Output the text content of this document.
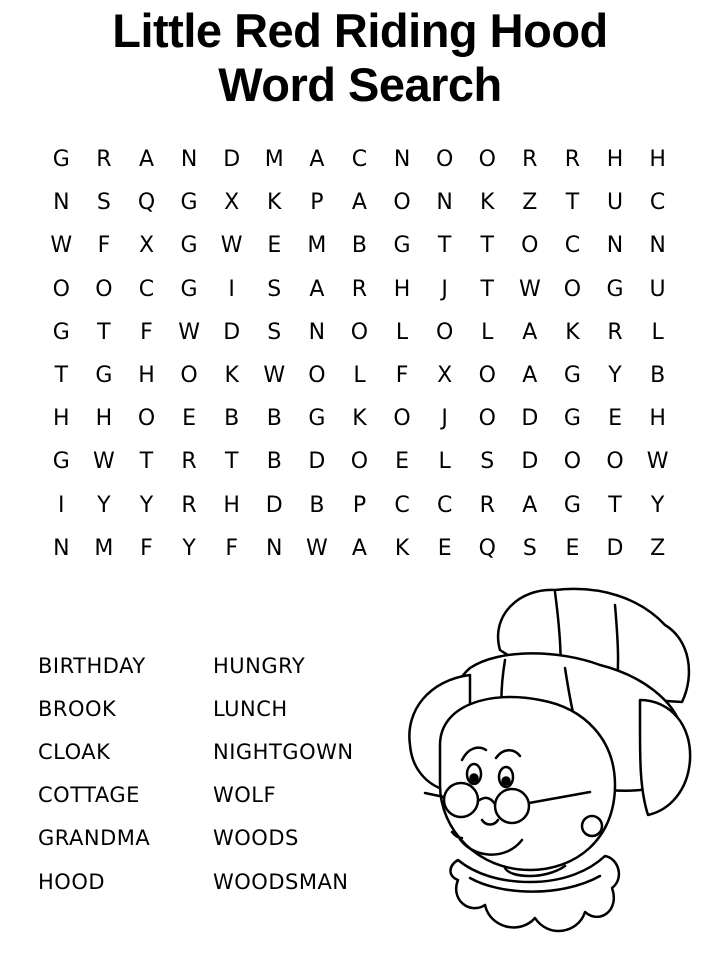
Little Red Riding Hood
Word Search
G	R	A	N	D	M	A	C	N	O	O	R	R	H	H
N	S	Q	G	X	K	P	A	O	N	K	Z	T	U	C
W	F	X	G	W	E	M	B	G	T	T	O	C	N	N
O	O	C	G	I	S	A	R	H	J	T	W	O	G	U
G	T	F	W	D	S	N	O	L	O	L	A	K	R	L
T	G	H	O	K	W	O	L	F	X	O	A	G	Y	B
H	H	O	E	B	B	G	K	O	J	O	D	G	E	H
G	W	T	R	T	B	D	O	E	L	S	D	O	O	W
I	Y	Y	R	H	D	B	P	C	C	R	A	G	T	Y
N	M	F	Y	F	N	W	A	K	E	Q	S	E	D	Z
BIRTHDAY	HUNGRY
BROOK	LUNCH
CLOAK	NIGHTGOWN
COTTAGE	WOLF
GRANDMA	WOODS
HOOD	WOODSMAN
